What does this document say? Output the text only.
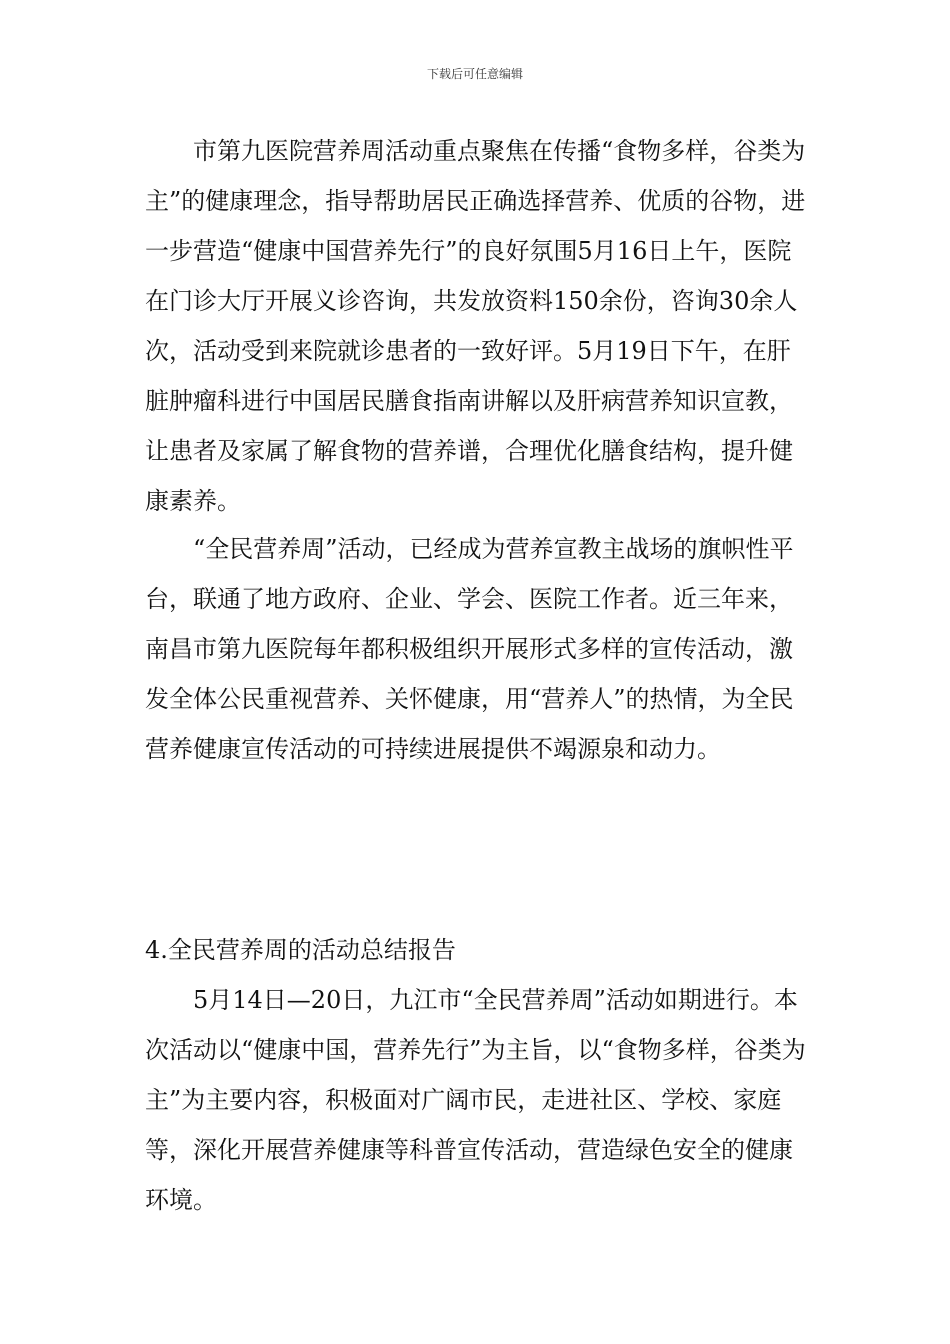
下载后可任意编辑

　　市第九医院营养周活动重点聚焦在传播“食物多样，谷类为主”的健康理念，指导帮助居民正确选择营养、优质的谷物，进一步营造“健康中国营养先行”的良好氛围5月16日上午，医院在门诊大厅开展义诊咨询，共发放资料150余份，咨询30余人次，活动受到来院就诊患者的一致好评。5月19日下午，在肝脏肿瘤科进行中国居民膳食指南讲解以及肝病营养知识宣教，让患者及家属了解食物的营养谱，合理优化膳食结构，提升健康素养。

　　“全民营养周”活动，已经成为营养宣教主战场的旗帜性平台，联通了地方政府、企业、学会、医院工作者。近三年来，南昌市第九医院每年都积极组织开展形式多样的宣传活动，激发全体公民重视营养、关怀健康，用“营养人”的热情，为全民营养健康宣传活动的可持续进展提供不竭源泉和动力。

4.全民营养周的活动总结报告

　　5月14日—20日，九江市“全民营养周”活动如期进行。本次活动以“健康中国，营养先行”为主旨，以“食物多样，谷类为主”为主要内容，积极面对广阔市民，走进社区、学校、家庭等，深化开展营养健康等科普宣传活动，营造绿色安全的健康环境。
